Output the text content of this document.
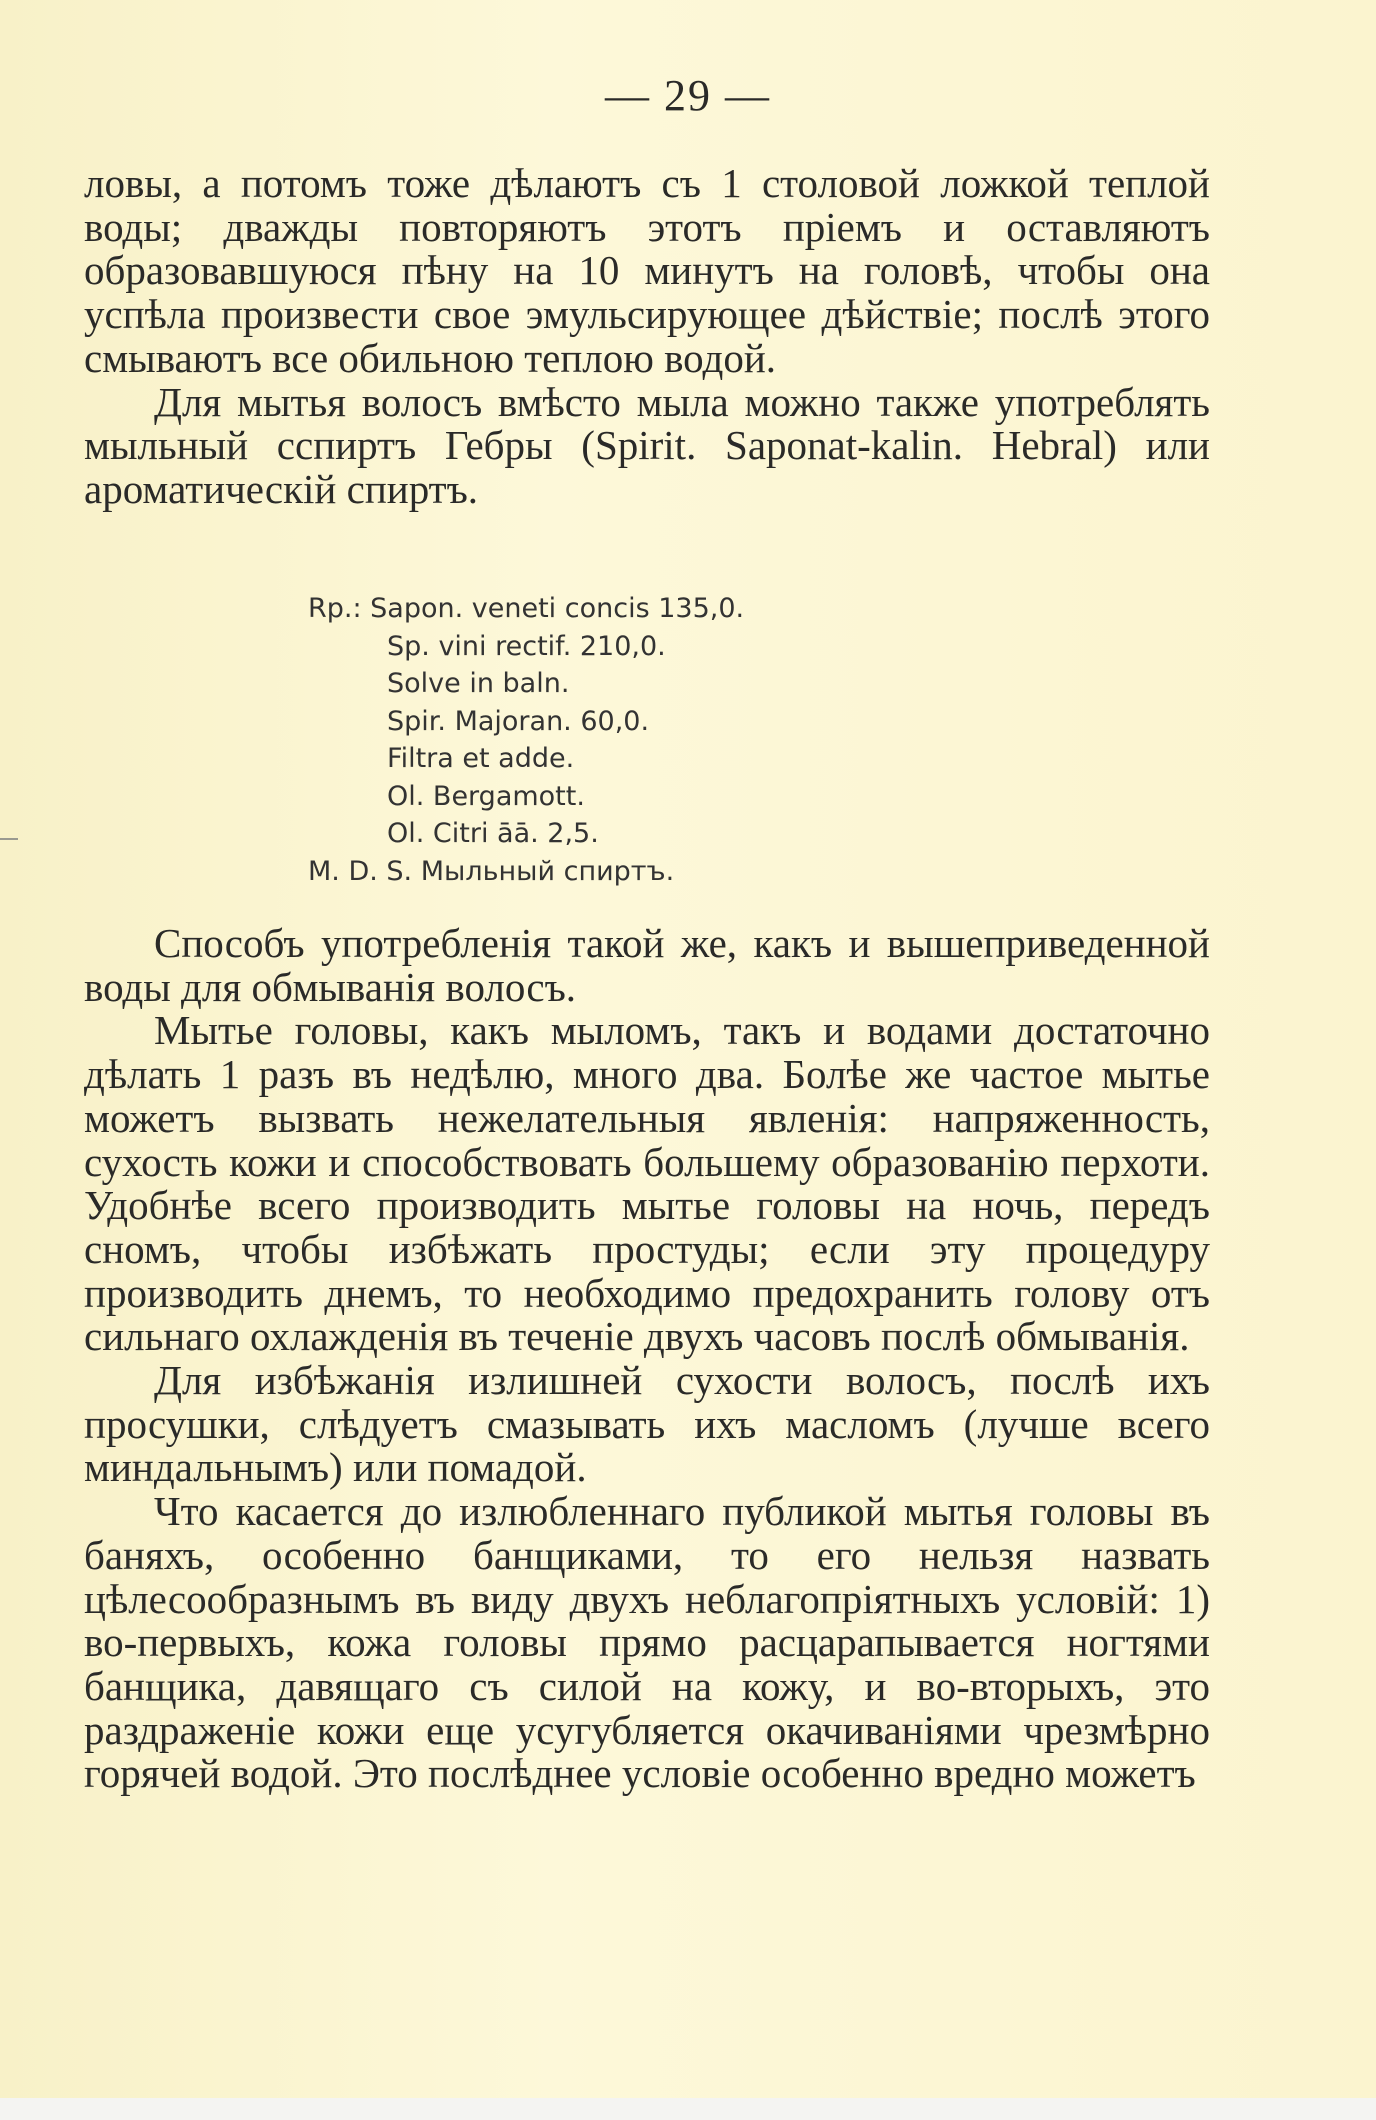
— 29 —

ловы, а потомъ тоже дѣлаютъ съ 1 столовой ложкой теплой воды; дважды повторяютъ этотъ пріемъ и оставляютъ образовавшуюся пѣну на 10 минутъ на головѣ, чтобы она успѣла произвести свое эмульсирующее дѣйствіе; послѣ этого смываютъ все обильною теплою водой.

Для мытья волосъ вмѣсто мыла можно также употреблять мыльный сспиртъ Гебры (Spirit. Saponat-kalin. Hebral) или ароматическій спиртъ.

Rp.: Sapon. veneti concis 135,0.
Sp. vini rectif. 210,0.
Solve in baln.
Spir. Majoran. 60,0.
Filtra et adde.
Ol. Bergamott.
Ol. Citri āā. 2,5.
M. D. S. Мыльный спиртъ.

Способъ употребленія такой же, какъ и вышеприведенной воды для обмыванія волосъ.

Мытье головы, какъ мыломъ, такъ и водами достаточно дѣлать 1 разъ въ недѣлю, много два. Болѣе же частое мытье можетъ вызвать нежелательныя явленія: напряженность, сухость кожи и способствовать большему образованію перхоти. Удобнѣе всего производить мытье головы на ночь, передъ сномъ, чтобы избѣжать простуды; если эту процедуру производить днемъ, то необходимо предохранить голову отъ сильнаго охлажденія въ теченіе двухъ часовъ послѣ обмыванія.

Для избѣжанія излишней сухости волосъ, послѣ ихъ просушки, слѣдуетъ смазывать ихъ масломъ (лучше всего миндальнымъ) или помадой.

Что касается до излюбленнаго публикой мытья головы въ баняхъ, особенно банщиками, то его нельзя назвать цѣлесообразнымъ въ виду двухъ неблагопріятныхъ условій: 1) во-первыхъ, кожа головы прямо расцарапывается ногтями банщика, давящаго съ силой на кожу, и во-вторыхъ, это раздраженіе кожи еще усугубляется окачиваніями чрезмѣрно горячей водой. Это послѣднее условіе особенно вредно можетъ
